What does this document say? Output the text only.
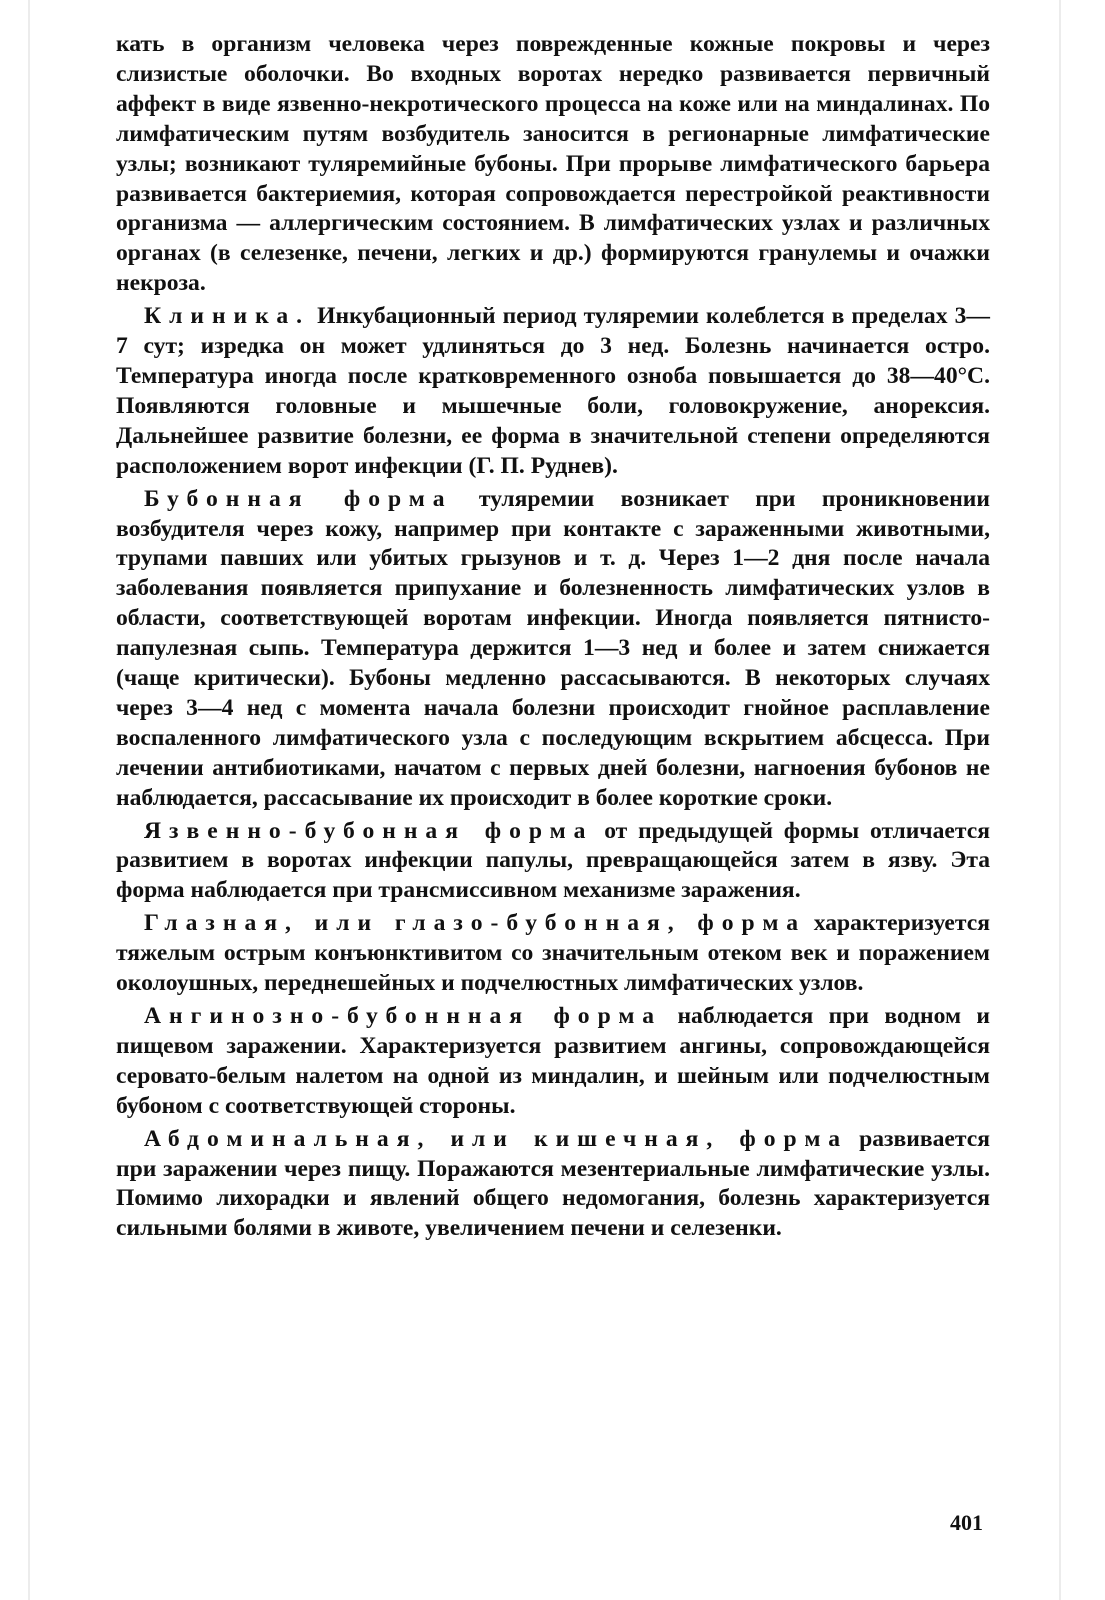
кать в организм человека через поврежденные кожные покровы и через слизистые оболочки. Во входных воротах нередко развивается первичный аффект в виде язвенно-некротического процесса на коже или на миндалинах. По лимфатическим путям возбудитель заносится в регионарные лимфатические узлы; возникают туляремийные бубоны. При прорыве лимфатического барьера развивается бактериемия, которая сопровождается перестройкой реактивности организма — аллергическим состоянием. В лимфатических узлах и различных органах (в селезенке, печени, легких и др.) формируются гранулемы и очажки некроза.

Клиника. Инкубационный период туляремии колеблется в пределах 3—7 сут; изредка он может удлиняться до 3 нед. Болезнь начинается остро. Температура иногда после кратковременного озноба повышается до 38—40°С. Появляются головные и мышечные боли, головокружение, анорексия. Дальнейшее развитие болезни, ее форма в значительной степени определяются расположением ворот инфекции (Г. П. Руднев).

Бубонная форма туляремии возникает при проникновении возбудителя через кожу, например при контакте с зараженными животными, трупами павших или убитых грызунов и т. д. Через 1—2 дня после начала заболевания появляется припухание и болезненность лимфатических узлов в области, соответствующей воротам инфекции. Иногда появляется пятнисто-папулезная сыпь. Температура держится 1—3 нед и более и затем снижается (чаще критически). Бубоны медленно рассасываются. В некоторых случаях через 3—4 нед с момента начала болезни происходит гнойное расплавление воспаленного лимфатического узла с последующим вскрытием абсцесса. При лечении антибиотиками, начатом с первых дней болезни, нагноения бубонов не наблюдается, рассасывание их происходит в более короткие сроки.

Язвенно-бубонная форма от предыдущей формы отличается развитием в воротах инфекции папулы, превращающейся затем в язву. Эта форма наблюдается при трансмиссивном механизме заражения.

Глазная, или глазо-бубонная, форма характеризуется тяжелым острым конъюнктивитом со значительным отеком век и поражением околоушных, переднешейных и подчелюстных лимфатических узлов.

Ангинозно-бубоннная форма наблюдается при водном и пищевом заражении. Характеризуется развитием ангины, сопровождающейся серовато-белым налетом на одной из миндалин, и шейным или подчелюстным бубоном с соответствующей стороны.

Абдоминальная, или кишечная, форма развивается при заражении через пищу. Поражаются мезентериальные лимфатические узлы. Помимо лихорадки и явлений общего недомогания, болезнь характеризуется сильными болями в животе, увеличением печени и селезенки.

401
